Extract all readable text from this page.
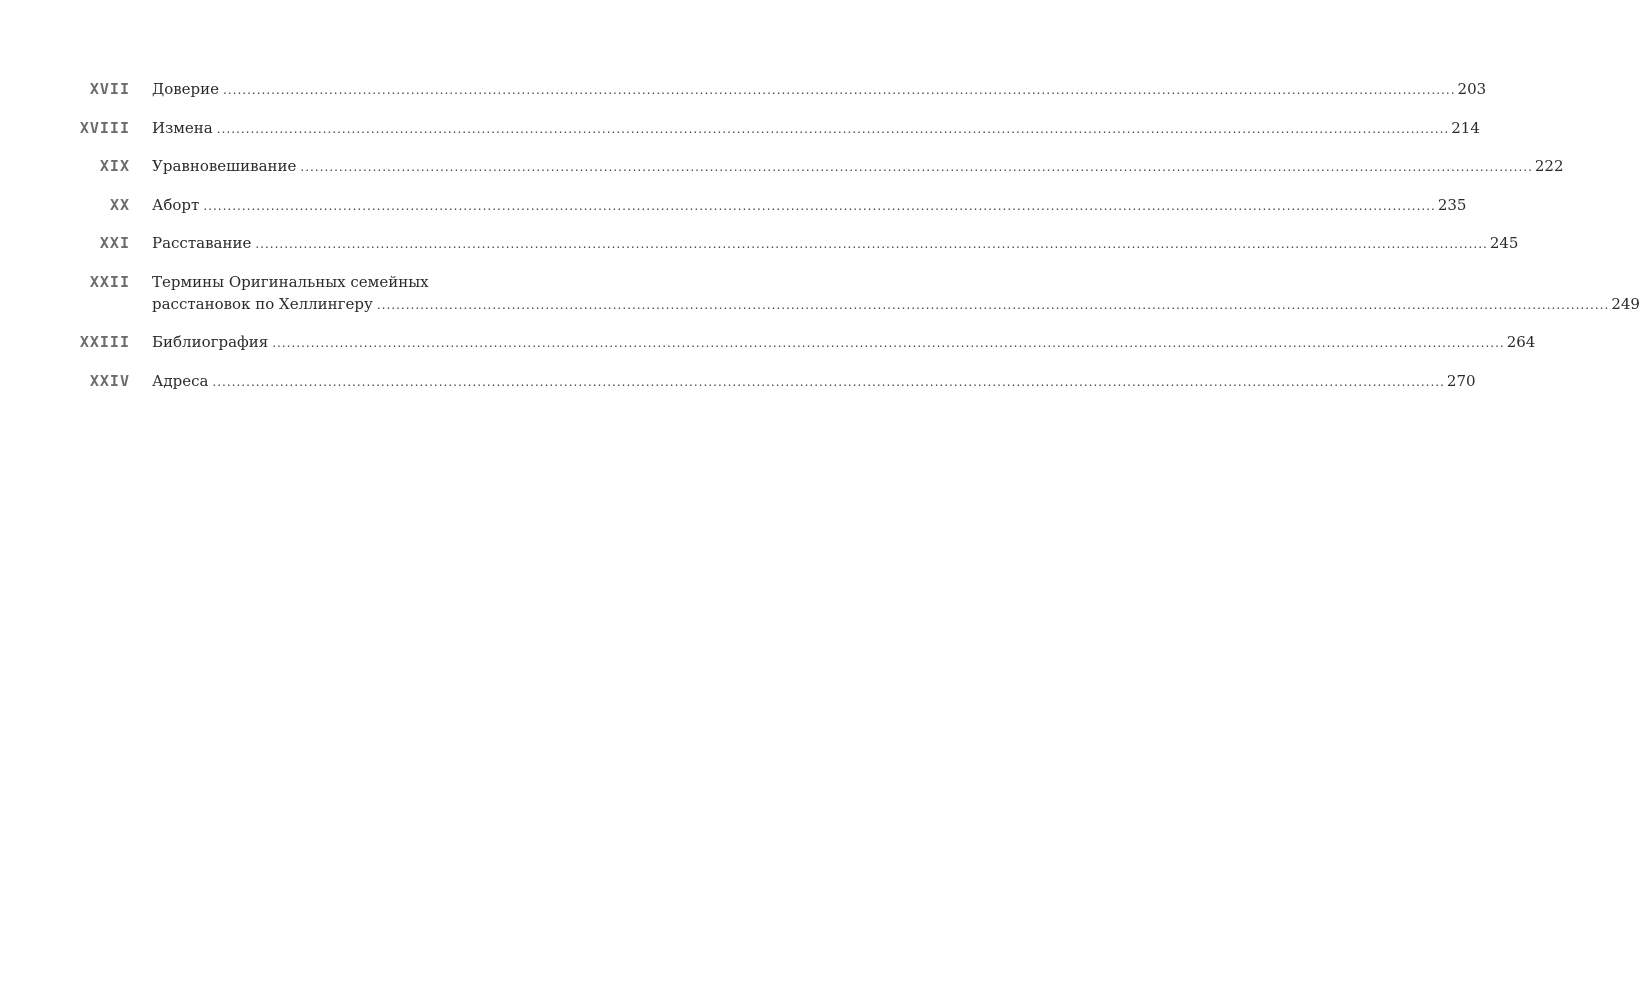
XVII Доверие .....	203
XVIII Измена .....	214
XIX Уравновешивание .....	222
XX Аборт .....	235
XXI Расставание .....	245
XXII Термины Оригинальных семейных
расстановок по Хеллингеру .....	249
XXIII Библиография .....	264
XXIV Адреса .....	270
